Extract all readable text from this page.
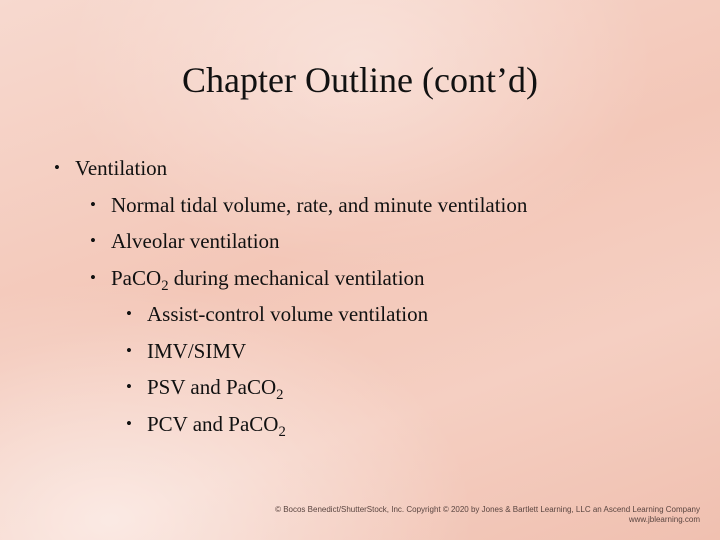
Chapter Outline (cont’d)
• Ventilation
• Normal tidal volume, rate, and minute ventilation
• Alveolar ventilation
• PaCO$_2$ during mechanical ventilation
• Assist-control volume ventilation
• IMV/SIMV
• PSV and PaCO$_2$
• PCV and PaCO$_2$
© Bocos Benedict/ShutterStock, Inc. Copyright © 2020 by Jones & Bartlett Learning, LLC an Ascend Learning Company
www.jblearning.com
